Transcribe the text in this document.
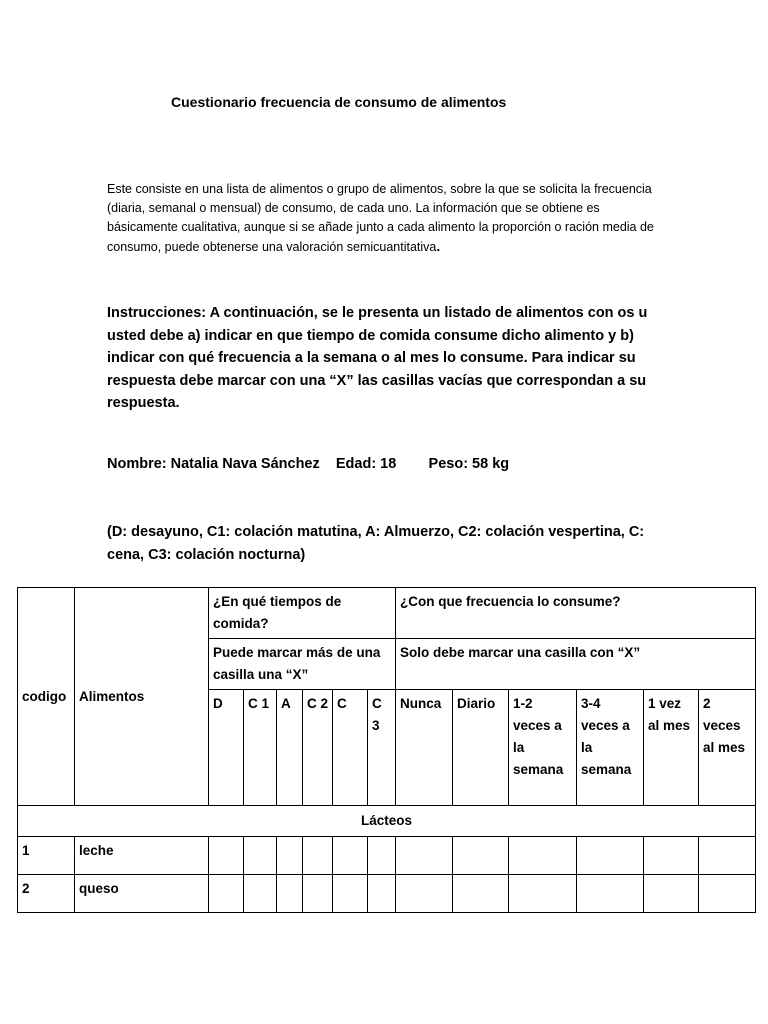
Cuestionario frecuencia de consumo de alimentos
Este consiste en una lista de alimentos o grupo de alimentos, sobre la que se solicita la frecuencia (diaria, semanal o mensual) de consumo, de cada uno. La información que se obtiene es básicamente cualitativa, aunque si se añade junto a cada alimento la proporción o ración media de consumo, puede obtenerse una valoración semicuantitativa.
Instrucciones: A continuación, se le presenta un listado de alimentos con os u usted debe a) indicar en que tiempo de comida consume dicho alimento y b) indicar con qué frecuencia a la semana o al mes lo consume. Para indicar su respuesta debe marcar con una “X” las casillas vacías que correspondan a su respuesta.
Nombre: Natalia Nava Sánchez Edad: 18 Peso: 58 kg
(D: desayuno, C1: colación matutina, A: Almuerzo, C2: colación vespertina, C: cena, C3: colación nocturna)
codigo	Alimentos	¿En qué tiempos de comida?						¿Con que frecuencia lo consume?					
		Puede marcar más de una casilla una “X”						Solo debe marcar una casilla con “X”					
		D	C 1	A	C 2	C	C 3	Nunca	Diario	1-2 veces a la semana	3-4 veces a la semana	1 vez al mes	2 veces al mes
Lácteos													
1	leche												
2	queso												
